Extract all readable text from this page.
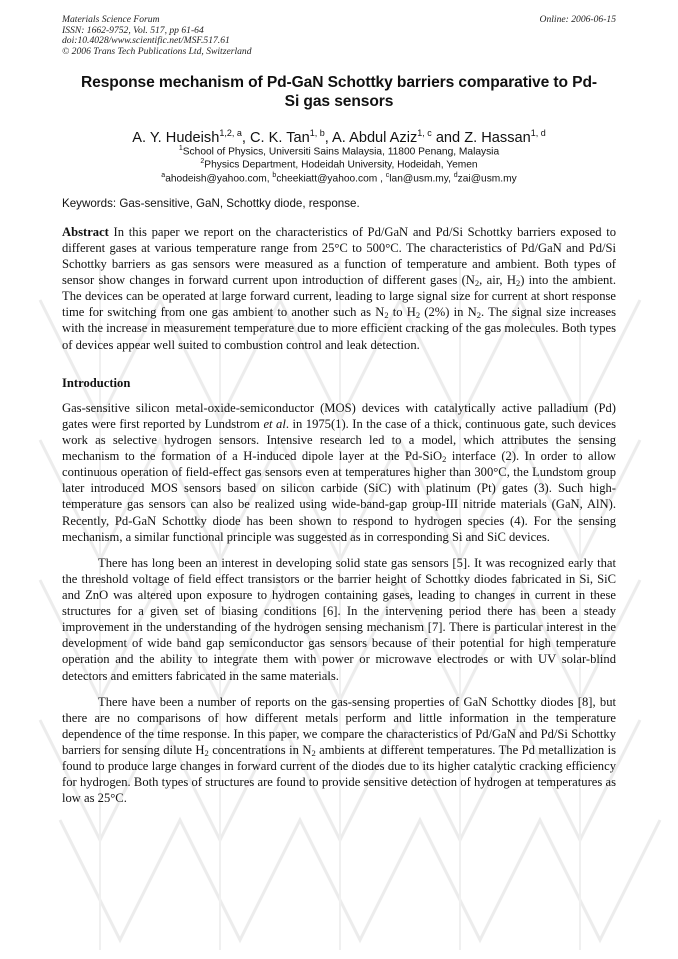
Materials Science Forum
ISSN: 1662-9752, Vol. 517, pp 61-64
doi:10.4028/www.scientific.net/MSF.517.61
© 2006 Trans Tech Publications Ltd, Switzerland
Online: 2006-06-15
Response mechanism of Pd-GaN Schottky barriers comparative to Pd-
Si gas sensors
A. Y. Hudeish$^{1,2, a}$, C. K. Tan$^{1, b}$, A. Abdul Aziz$^{1, c}$ and Z. Hassan$^{1, d}$
$^1$School of Physics, Universiti Sains Malaysia, 11800 Penang, Malaysia
$^2$Physics Department, Hodeidah University, Hodeidah, Yemen
$^a$ahodeish@yahoo.com, $^b$cheekiatt@yahoo.com , $^c$lan@usm.my, $^d$zai@usm.my
Keywords: Gas-sensitive, GaN, Schottky diode, response.
Abstract In this paper we report on the characteristics of Pd/GaN and Pd/Si Schottky barriers exposed to different gases at various temperature range from 25°C to 500°C. The characteristics of Pd/GaN and Pd/Si Schottky barriers as gas sensors were measured as a function of temperature and ambient. Both types of sensor show changes in forward current upon introduction of different gases ($N_2$, air, $H_2$) into the ambient. The devices can be operated at large forward current, leading to large signal size for current at short response time for switching from one gas ambient to another such as $N_2$ to $H_2$ (2%) in $N_2$. The signal size increases with the increase in measurement temperature due to more efficient cracking of the gas molecules. Both types of devices appear well suited to combustion control and leak detection.
Introduction
Gas-sensitive silicon metal-oxide-semiconductor (MOS) devices with catalytically active palladium (Pd) gates were first reported by Lundstrom et al. in 1975(1). In the case of a thick, continuous gate, such devices work as selective hydrogen sensors. Intensive research led to a model, which attributes the sensing mechanism to the formation of a H-induced dipole layer at the Pd-SiO$_2$ interface (2). In order to allow continuous operation of field-effect gas sensors even at temperatures higher than 300°C, the Lundstom group later introduced MOS sensors based on silicon carbide (SiC) with platinum (Pt) gates (3). Such high-temperature gas sensors can also be realized using wide-band-gap group-III nitride materials (GaN, AlN). Recently, Pd-GaN Schottky diode has been shown to respond to hydrogen species (4). For the sensing mechanism, a similar functional principle was suggested as in corresponding Si and SiC devices.
There has long been an interest in developing solid state gas sensors [5]. It was recognized early that the threshold voltage of field effect transistors or the barrier height of Schottky diodes fabricated in Si, SiC and ZnO was altered upon exposure to hydrogen containing gases, leading to changes in current in these structures for a given set of biasing conditions [6]. In the intervening period there has been a steady improvement in the understanding of the hydrogen sensing mechanism [7]. There is particular interest in the development of wide band gap semiconductor gas sensors because of their potential for high temperature operation and the ability to integrate them with power or microwave electrodes or with UV solar-blind detectors and emitters fabricated in the same materials.
There have been a number of reports on the gas-sensing properties of GaN Schottky diodes [8], but there are no comparisons of how different metals perform and little information in the temperature dependence of the time response. In this paper, we compare the characteristics of Pd/GaN and Pd/Si Schottky barriers for sensing dilute $H_2$ concentrations in $N_2$ ambients at different temperatures. The Pd metallization is found to produce large changes in forward current of the diodes due to its higher catalytic cracking efficiency for hydrogen. Both types of structures are found to provide sensitive detection of hydrogen at temperatures as low as 25°C.
